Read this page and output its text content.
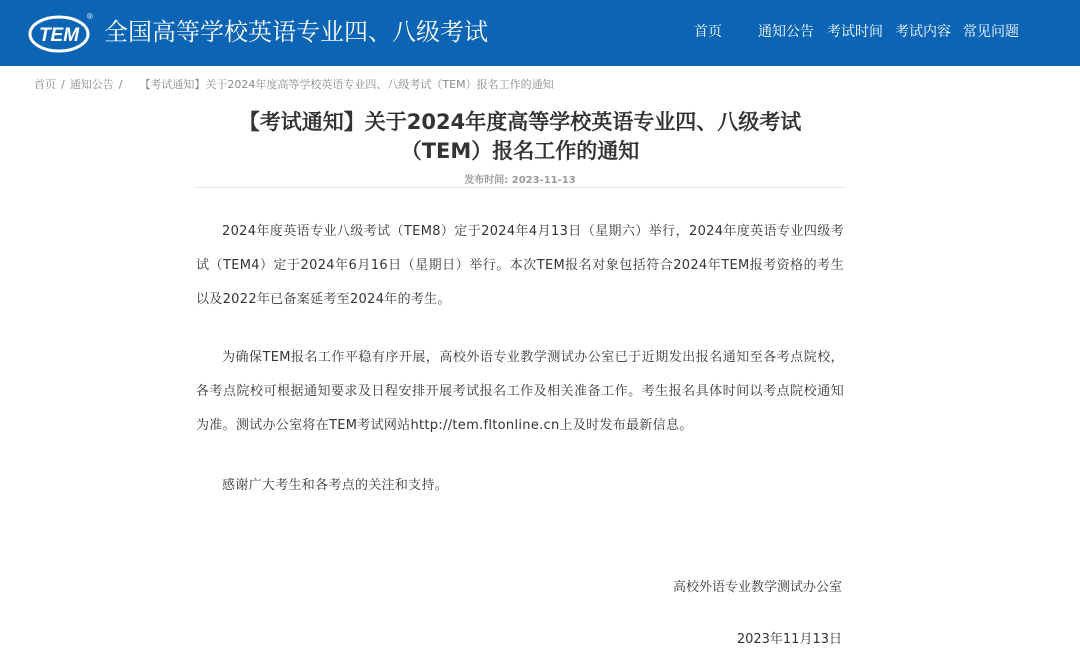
TEM
®
全国高等学校英语专业四、八级考试	首页	通知公告 考试时间 考试内容 常见问题
首页 / 通知公告 / 【考试通知】关于2024年度高等学校英语专业四、八级考试（TEM）报名工作的通知
【考试通知】关于2024年度高等学校英语专业四、八级考试
（TEM）报名工作的通知
发布时间: 2023-11-13

2024年度英语专业八级考试（TEM8）定于2024年4月13日（星期六）举行，2024年度英语专业四级考试（TEM4）定于2024年6月16日（星期日）举行。本次TEM报名对象包括符合2024年TEM报考资格的考生以及2022年已备案延考至2024年的考生。

为确保TEM报名工作平稳有序开展，高校外语专业教学测试办公室已于近期发出报名通知至各考点院校，各考点院校可根据通知要求及日程安排开展考试报名工作及相关准备工作。考生报名具体时间以考点院校通知为准。测试办公室将在TEM考试网站http://tem.fltonline.cn上及时发布最新信息。

感谢广大考生和各考点的关注和支持。

高校外语专业教学测试办公室
2023年11月13日
